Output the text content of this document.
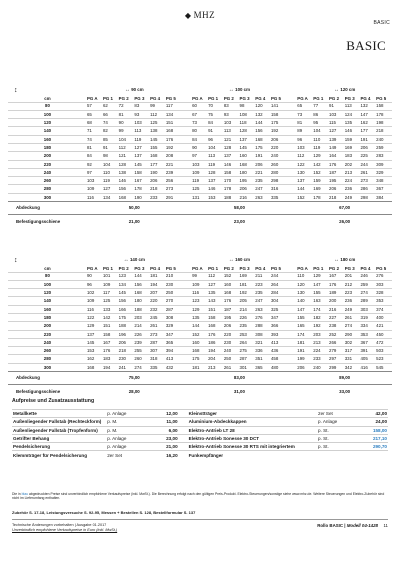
◆ MHZ
BASIC
BASIC
↕	↔ 90 cm							↔ 100 cm							↔ 120 cm					
cm	PG A	PG 1	PG 2	PG 3	PG 4	PG 5		PG A	PG 1	PG 2	PG 3	PG 4	PG 5		PG A	PG 1	PG 2	PG 3	PG 4	PG 5
80	57	62	72	83	99	117		60	70	83	98	120	141		65	77	91	113	132	158
100	65	66	81	93	112	134		67	75	93	108	132	158		73	86	103	124	147	178
120	68	74	90	103	125	151		73	84	103	118	144	175		81	95	115	135	162	198
140	71	82	99	113	138	168		80	91	113	128	156	192		89	104	127	146	177	218
160	74	85	104	119	145	176		84	96	121	137	168	206		96	110	139	159	191	240
180	81	91	112	127	155	192		90	104	128	145	175	220		103	119	149	169	206	259
200	84	98	121	137	168	208		97	113	137	160	191	240		112	129	164	183	225	283
220	92	104	128	145	177	221		103	119	146	168	206	260		122	142	176	202	244	309
240	97	110	138	158	190	239		109	128	158	180	221	280		130	152	187	213	261	329
260	103	119	146	167	206	256		119	137	170	195	235	298		137	159	195	224	273	348
280	109	127	156	178	218	273		125	146	178	206	247	316		144	169	206	236	286	367
300	116	134	168	190	233	291		131	153	188	216	263	335		152	178	218	249	298	384
Abdeckung	50,00							58,00							67,00					
Befestigungsschiene	21,00							23,00							26,00					
↕	↔ 140 cm							↔ 160 cm							↔ 180 cm					
cm	PG A	PG 1	PG 2	PG 3	PG 4	PG 5		PG A	PG 1	PG 2	PG 3	PG 4	PG 5		PG A	PG 1	PG 2	PG 3	PG 4	PG 5
80	90	101	123	144	181	210		99	112	152	169	211	244		110	129	167	201	246	276
100	96	109	134	156	194	230		109	127	160	181	223	264		120	147	176	212	259	303
120	102	117	145	168	207	250		116	135	168	192	235	284		130	155	189	223	274	328
140	109	125	156	180	220	270		123	143	176	205	247	304		140	163	200	236	289	353
160	116	133	166	188	232	287		129	151	187	214	263	325		147	174	216	249	303	374
180	122	142	175	203	245	308		135	158	195	226	276	347		155	182	227	261	319	400
200	129	151	188	214	261	329		144	168	206	235	288	366		165	192	238	274	334	421
220	137	158	196	226	273	347		152	176	220	253	308	393		174	203	252	290	353	450
240	145	167	206	239	287	365		160	186	230	264	321	413		181	213	266	302	367	472
260	153	176	218	255	307	394		168	194	240	275	336	436		191	224	279	317	391	503
280	162	183	230	260	318	413		175	204	250	287	351	458		199	233	297	331	405	523
300	168	194	241	274	335	432		181	213	261	301	365	480		206	240	299	342	416	545
Abdeckung	75,00							83,00							89,00					
Befestigungsschiene	28,00							31,00							33,00					
Aufpreise und Zusatzausstattung
Metallkette	p. Anlage	12,00	Kleinstträger	2er Set	42,00
Außenliegender Fallstab (Rechteckform)	p. M.	11,00	Aluminium-Abdeckkappen	p. Anlage	24,00
Außenliegender Fallstab (Tropfenform)	p. M.	6,00	Elektro-Antrieb LT 28	p. St.	158,00
Getrifter Behang	p. Anlage	23,00	Elektro-Antrieb Sonesse 30 DCT	p. St.	217,10
Pendelsicherung	p. Anlage	21,00	Elektro-Antrieb Sonesse 30 RTS mit integriertem	p. St.	290,70
Klemmträger für Pendelsicherung	2er Set	16,20	Funkempfänger		
Die in blau abgedruckten Preise sind unverbindlich empfohlene Verkaufspreise (inkl. MwSt.). Die Berechnung erfolgt nach den gültigen Preis-Produkt. Elektro-Steuerungen/sonstige siehe www.mhz.de. Weitere Steuerungen und Elektro-Zubehör sind nicht im Lieferumfang enthalten.
Zubehör S. 17-18, Leistungsversuche S. 92-95, Messen + Bestellen S. 128, Bestellformular S. 137
Technische Änderungen vorbehalten | Ausgabe 01.2017
Unverbindlich empfohlene Verkaufspreise in Euro (inkl. MwSt.)
Rollo BASIC | Modell 04-1428 11
